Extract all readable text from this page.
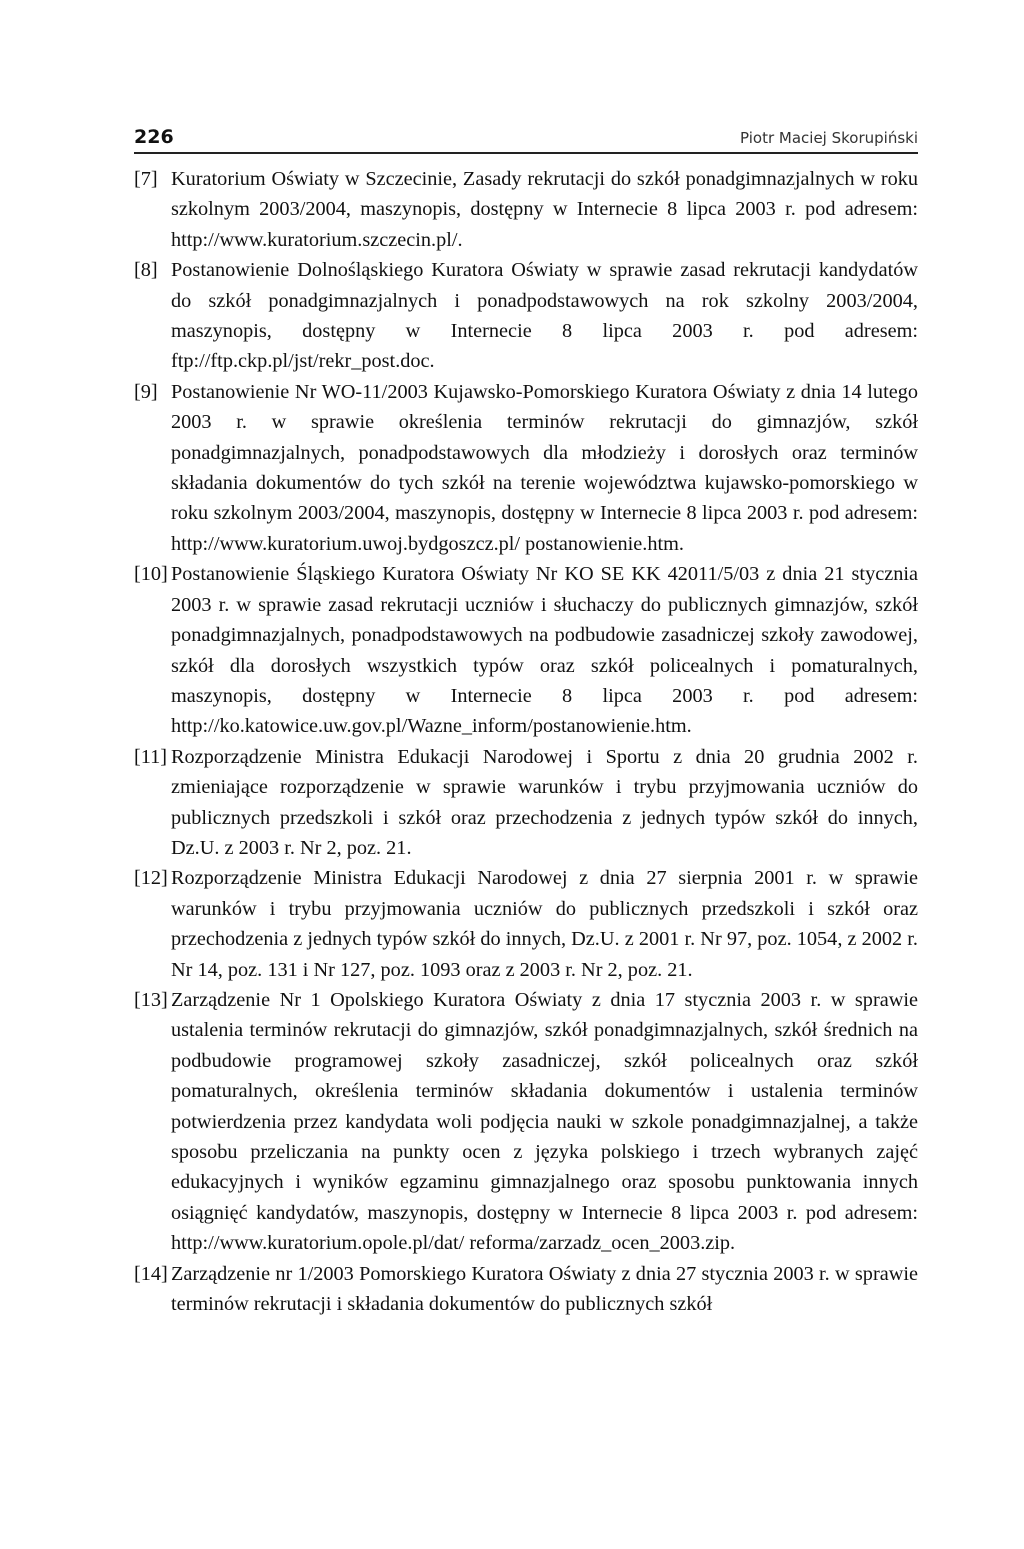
226	Piotr Maciej Skorupiński
[7] Kuratorium Oświaty w Szczecinie, Zasady rekrutacji do szkół ponadgimnazjalnych w roku szkolnym 2003/2004, maszynopis, dostępny w Internecie 8 lipca 2003 r. pod adresem: http://www.kuratorium.szczecin.pl/.
[8] Postanowienie Dolnośląskiego Kuratora Oświaty w sprawie zasad rekrutacji kandydatów do szkół ponadgimnazjalnych i ponadpodstawowych na rok szkolny 2003/2004, maszynopis, dostępny w Internecie 8 lipca 2003 r. pod adresem: ftp://ftp.ckp.pl/jst/rekr_post.doc.
[9] Postanowienie Nr WO-11/2003 Kujawsko-Pomorskiego Kuratora Oświaty z dnia 14 lutego 2003 r. w sprawie określenia terminów rekrutacji do gimnazjów, szkół ponadgimnazjalnych, ponadpodstawowych dla młodzieży i dorosłych oraz terminów składania dokumentów do tych szkół na terenie województwa kujawsko-pomorskiego w roku szkolnym 2003/2004, maszynopis, dostępny w Internecie 8 lipca 2003 r. pod adresem: http://www.kuratorium.uwoj.bydgoszcz.pl/ postanowienie.htm.
[10] Postanowienie Śląskiego Kuratora Oświaty Nr KO SE KK 42011/5/03 z dnia 21 stycznia 2003 r. w sprawie zasad rekrutacji uczniów i słuchaczy do publicznych gimnazjów, szkół ponadgimnazjalnych, ponadpodstawowych na podbudowie zasadniczej szkoły zawodowej, szkół dla dorosłych wszystkich typów oraz szkół policealnych i pomaturalnych, maszynopis, dostępny w Internecie 8 lipca 2003 r. pod adresem: http://ko.katowice.uw.gov.pl/Wazne_inform/postanowienie.htm.
[11] Rozporządzenie Ministra Edukacji Narodowej i Sportu z dnia 20 grudnia 2002 r. zmieniające rozporządzenie w sprawie warunków i trybu przyjmowania uczniów do publicznych przedszkoli i szkół oraz przechodzenia z jednych typów szkół do innych, Dz.U. z 2003 r. Nr 2, poz. 21.
[12] Rozporządzenie Ministra Edukacji Narodowej z dnia 27 sierpnia 2001 r. w sprawie warunków i trybu przyjmowania uczniów do publicznych przedszkoli i szkół oraz przechodzenia z jednych typów szkół do innych, Dz.U. z 2001 r. Nr 97, poz. 1054, z 2002 r. Nr 14, poz. 131 i Nr 127, poz. 1093 oraz z 2003 r. Nr 2, poz. 21.
[13] Zarządzenie Nr 1 Opolskiego Kuratora Oświaty z dnia 17 stycznia 2003 r. w sprawie ustalenia terminów rekrutacji do gimnazjów, szkół ponadgimnazjalnych, szkół średnich na podbudowie programowej szkoły zasadniczej, szkół policealnych oraz szkół pomaturalnych, określenia terminów składania dokumentów i ustalenia terminów potwierdzenia przez kandydata woli podjęcia nauki w szkole ponadgimnazjalnej, a także sposobu przeliczania na punkty ocen z języka polskiego i trzech wybranych zajęć edukacyjnych i wyników egzaminu gimnazjalnego oraz sposobu punktowania innych osiągnięć kandydatów, maszynopis, dostępny w Internecie 8 lipca 2003 r. pod adresem: http://www.kuratorium.opole.pl/dat/ reforma/zarzadz_ocen_2003.zip.
[14] Zarządzenie nr 1/2003 Pomorskiego Kuratora Oświaty z dnia 27 stycznia 2003 r. w sprawie terminów rekrutacji i składania dokumentów do publicznych szkół
